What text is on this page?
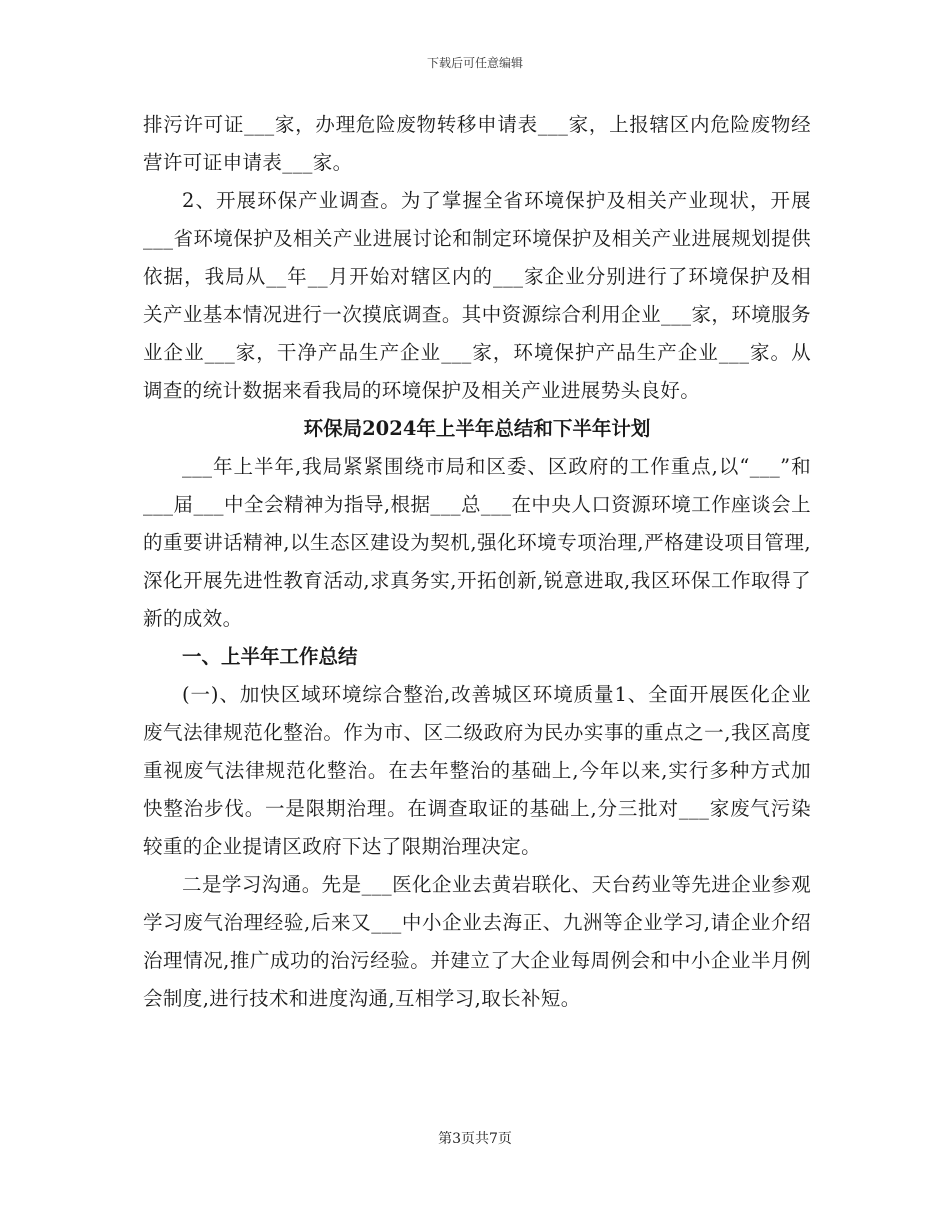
下载后可任意编辑

排污许可证___家，办理危险废物转移申请表___家，上报辖区内危险废物经营许可证申请表___家。

2、开展环保产业调查。为了掌握全省环境保护及相关产业现状，开展___省环境保护及相关产业进展讨论和制定环境保护及相关产业进展规划提供依据，我局从__年__月开始对辖区内的___家企业分别进行了环境保护及相关产业基本情况进行一次摸底调查。其中资源综合利用企业___家，环境服务业企业___家，干净产品生产企业___家，环境保护产品生产企业___家。从调查的统计数据来看我局的环境保护及相关产业进展势头良好。

环保局2024年上半年总结和下半年计划

___年上半年,我局紧紧围绕市局和区委、区政府的工作重点,以“___”和___届___中全会精神为指导,根据___总___在中央人口资源环境工作座谈会上的重要讲话精神,以生态区建设为契机,强化环境专项治理,严格建设项目管理,深化开展先进性教育活动,求真务实,开拓创新,锐意进取,我区环保工作取得了新的成效。

一、上半年工作总结

(一)、加快区域环境综合整治,改善城区环境质量1、全面开展医化企业废气法律规范化整治。作为市、区二级政府为民办实事的重点之一,我区高度重视废气法律规范化整治。在去年整治的基础上,今年以来,实行多种方式加快整治步伐。一是限期治理。在调查取证的基础上,分三批对___家废气污染较重的企业提请区政府下达了限期治理决定。

二是学习沟通。先是___医化企业去黄岩联化、天台药业等先进企业参观学习废气治理经验,后来又___中小企业去海正、九洲等企业学习,请企业介绍治理情况,推广成功的治污经验。并建立了大企业每周例会和中小企业半月例会制度,进行技术和进度沟通,互相学习,取长补短。

第3页共7页
